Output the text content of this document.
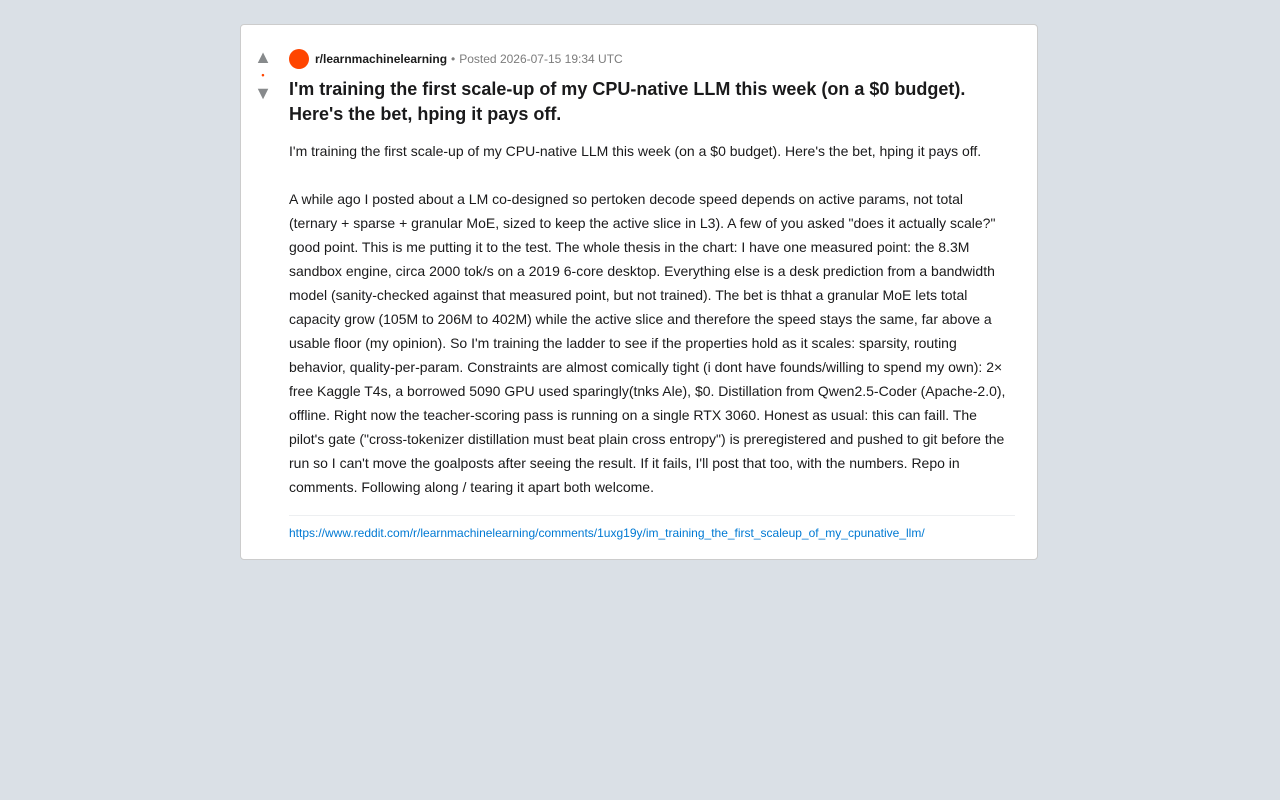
▲
•
▼
r/learnmachinelearning • Posted 2026-07-15 19:34 UTC
I'm training the first scale-up of my CPU-native LLM this week (on a $0 budget). Here's the bet, hping it pays off.

I'm training the first scale-up of my CPU-native LLM this week (on a $0 budget). Here's the bet, hping it pays off.

A while ago I posted about a LM co-designed so pertoken decode speed depends on active params, not total (ternary + sparse + granular MoE, sized to keep the active slice in L3). A few of you asked "does it actually scale?" good point. This is me putting it to the test. The whole thesis in the chart: I have one measured point: the 8.3M sandbox engine, circa 2000 tok/s on a 2019 6-core desktop. Everything else is a desk prediction from a bandwidth model (sanity-checked against that measured point, but not trained). The bet is thhat a granular MoE lets total capacity grow (105M to 206M to 402M) while the active slice and therefore the speed stays the same, far above a usable floor (my opinion). So I'm training the ladder to see if the properties hold as it scales: sparsity, routing behavior, quality-per-param. Constraints are almost comically tight (i dont have founds/willing to spend my own): 2× free Kaggle T4s, a borrowed 5090 GPU used sparingly(tnks Ale), $0. Distillation from Qwen2.5-Coder (Apache-2.0), offline. Right now the teacher-scoring pass is running on a single RTX 3060. Honest as usual: this can faill. The pilot's gate ("cross-tokenizer distillation must beat plain cross entropy") is preregistered and pushed to git before the run so I can't move the goalposts after seeing the result. If it fails, I'll post that too, with the numbers. Repo in comments. Following along / tearing it apart both welcome.

https://www.reddit.com/r/learnmachinelearning/comments/1uxg19y/im_training_the_first_scaleup_of_my_cpunative_llm/
